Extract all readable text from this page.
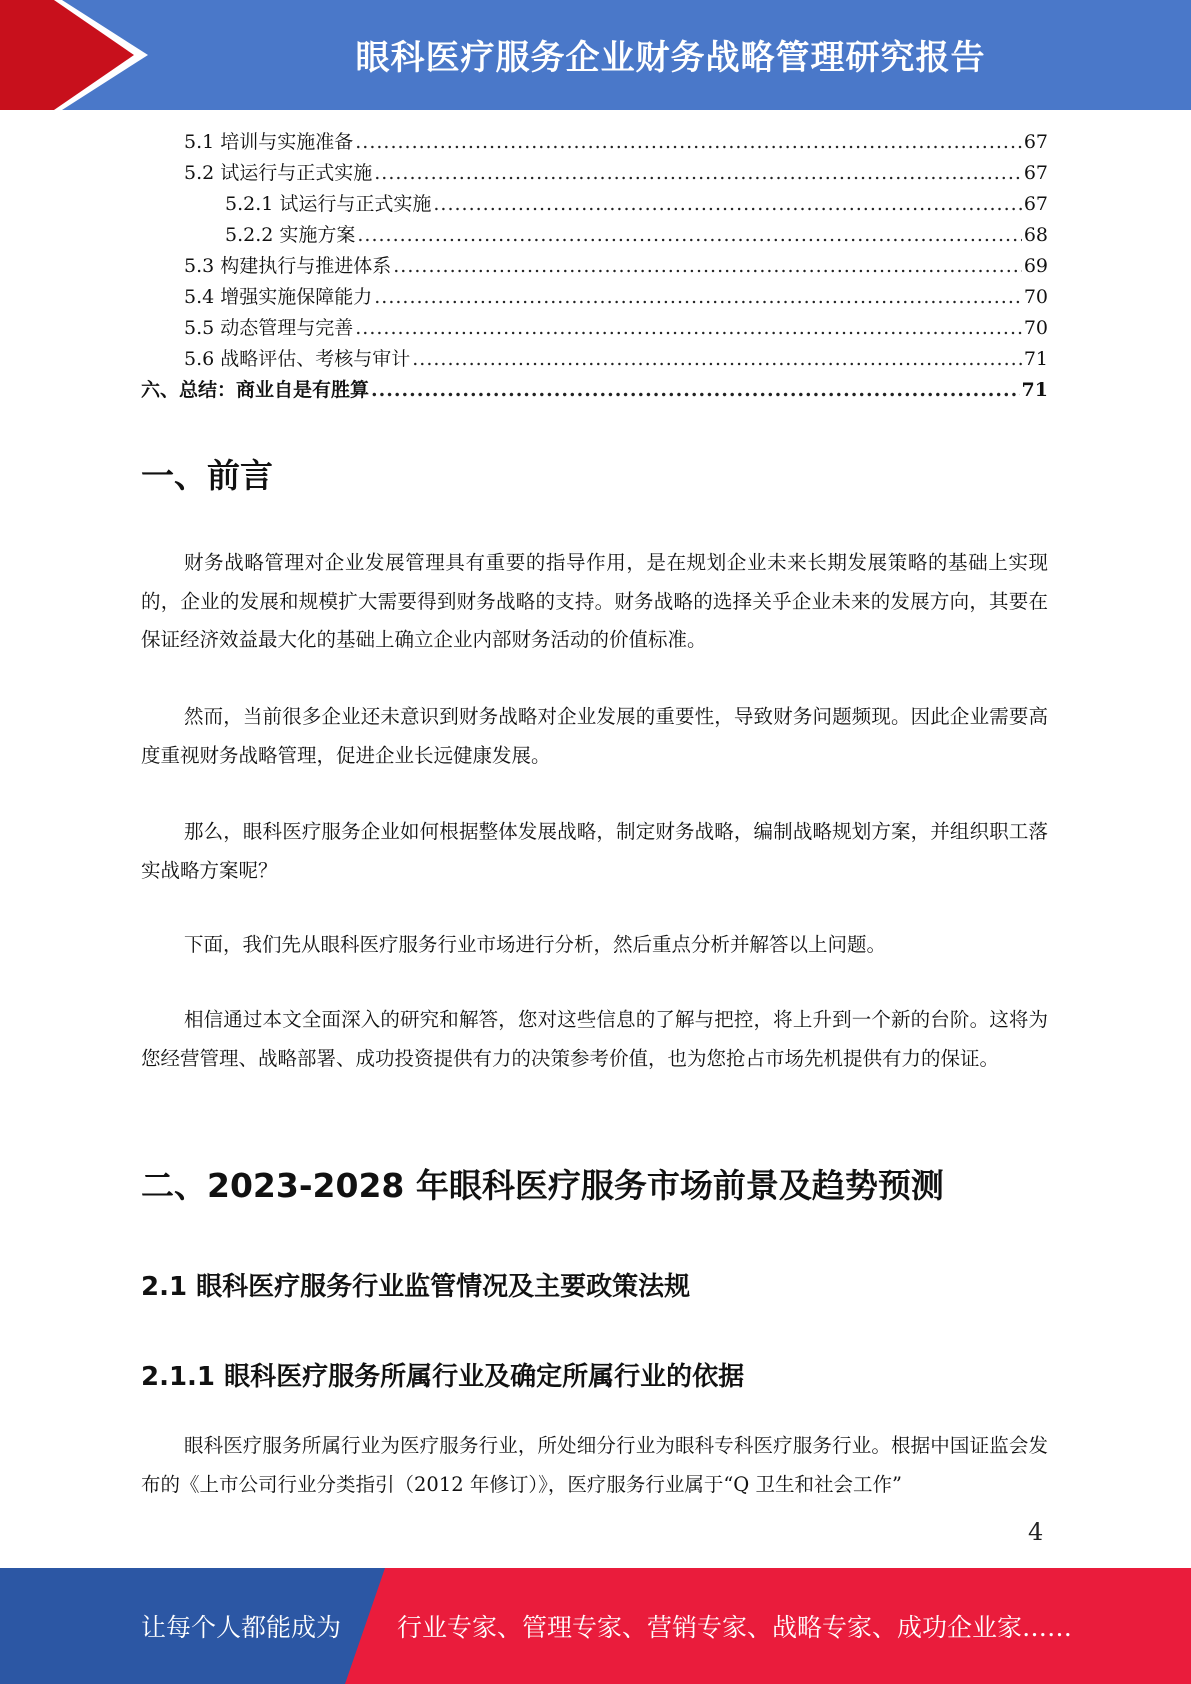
眼科医疗服务企业财务战略管理研究报告
5.1 培训与实施准备 .....	67
5.2 试运行与正式实施 .....	67
5.2.1 试运行与正式实施 .....	67
5.2.2 实施方案 .....	68
5.3 构建执行与推进体系 .....	69
5.4 增强实施保障能力 .....	70
5.5 动态管理与完善 .....	70
5.6 战略评估、考核与审计 .....	71
六、总结：商业自是有胜算 .....	71
一、前言

财务战略管理对企业发展管理具有重要的指导作用，是在规划企业未来长期发展策略的基础上实现的，企业的发展和规模扩大需要得到财务战略的支持。财务战略的选择关乎企业未来的发展方向，其要在保证经济效益最大化的基础上确立企业内部财务活动的价值标准。

然而，当前很多企业还未意识到财务战略对企业发展的重要性，导致财务问题频现。因此企业需要高度重视财务战略管理，促进企业长远健康发展。

那么，眼科医疗服务企业如何根据整体发展战略，制定财务战略，编制战略规划方案，并组织职工落实战略方案呢？

下面，我们先从眼科医疗服务行业市场进行分析，然后重点分析并解答以上问题。

相信通过本文全面深入的研究和解答，您对这些信息的了解与把控，将上升到一个新的台阶。这将为您经营管理、战略部署、成功投资提供有力的决策参考价值，也为您抢占市场先机提供有力的保证。

二、2023-2028 年眼科医疗服务市场前景及趋势预测
2.1 眼科医疗服务行业监管情况及主要政策法规
2.1.1 眼科医疗服务所属行业及确定所属行业的依据

眼科医疗服务所属行业为医疗服务行业，所处细分行业为眼科专科医疗服务行业。根据中国证监会发布的《上市公司行业分类指引（2012 年修订）》，医疗服务行业属于“Q 卫生和社会工作”

4
让每个人都能成为 行业专家、管理专家、营销专家、战略专家、成功企业家……
